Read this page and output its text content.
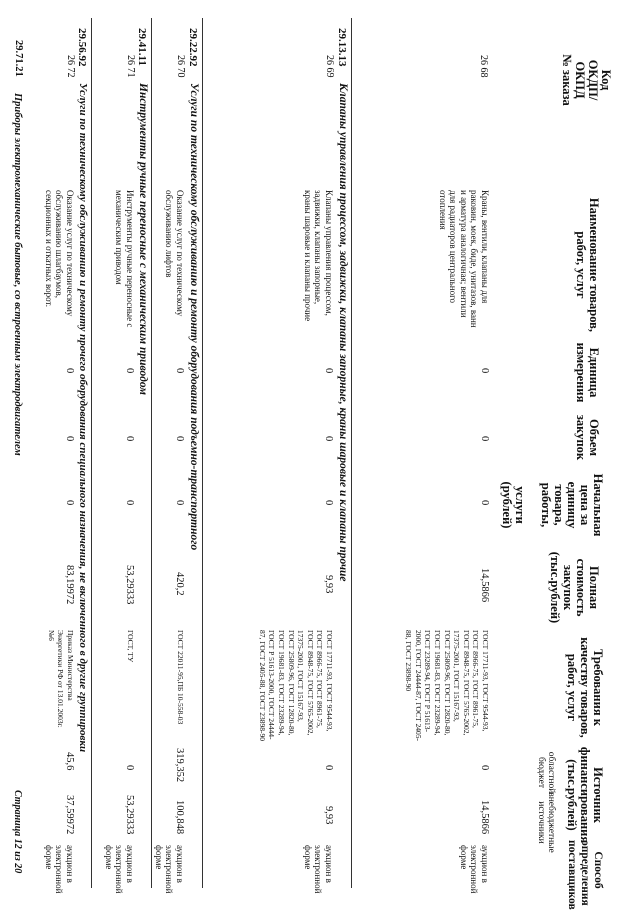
Код
ОКДП/
ОКПД
№ заказа
Наименование товаров,
работ, услуг
Единица
измерения
Объем
закупок
Начальная
цена за
единицу
товара,
работы,

услуги
(рублей)
Полная
стоимость
закупок
(тыс.рублей)
Требования к
качеству товаров,
работ, услуг
Источник
финансирования
(тыс.рублей)
областной
бюджет
внебюджетные
источники
Способ
определения
поставщиков
26 68
Краны, вентили, клапаны для раковин, моек, биде, унитазов, ванн и арматура аналогичная; вентили для радиаторов центрального отопления
0
0
0
14,5866
ГОСТ 17711-93, ГОСТ 9544-93, ГОСТ 8966-75, ГОСТ 8961-75, ГОСТ 8948-75, ГОСТ 5765-2002, 17375-2001, ГОСТ 15167-93, ГОСТ 25809-96, ГОСТ 12820-80, ГОСТ 19681-83, ГОСТ 23289-94, ГОСТ 23289-94, ГОСТ Р 51613-2000, ГОСТ 24444-87, ГОСТ 2405-88, ГОСТ 23898-90
0
14,5866
аукцион в электронной форме
29.13.13
Клапаны управления процессом, задвижки, клапаны запорные, краны шаровые и клапаны прочие
26 69
Клапаны управления процессом, задвижки, клапаны запорные, краны шаровые и клапаны прочие
0
0
0
9,93
ГОСТ 17711-93, ГОСТ 9544-93, ГОСТ 8966-75, ГОСТ 8961-75, ГОСТ 8948-75, ГОСТ 5765-2002, 17375-2001, ГОСТ 15167-93, ГОСТ 25809-96, ГОСТ 12820-80, ГОСТ 19681-83, ГОСТ 23289-94, ГОСТ Р 51613-2000, ГОСТ 24444-87, ГОСТ 2405-88, ГОСТ 23898-90
0
9,93
аукцион в электронной форме
29.22.92
Услуги по техническому обслуживанию и ремонту оборудования подъемно-транспортного
26 70
Оказание услуг по техническому обслуживанию лифтов
0
0
0
420,2
ГОСТ 22011-95,ПБ 10-558-03
319,352
100,848
аукцион в электронной форме
29.41.11
Инструменты ручные переносные с механическим приводом
26 71
Инструменты ручные переносные с механическим приводом
0
0
0
53,29333
ГОСТ, ТУ
0
53,29333
аукцион в электронной форме
29.56.92
Услуги по техническому обслуживанию и ремонту прочего оборудования специального назначения, не включенного в другие группировки
26 72
Оказание услуг по техническому обслуживанию шлагбаумов, секционных и откатных ворот.
0
0
0
83,19972
Приказ Министерства Энергетики РФ от 13.01.2003г. №6
45,6
37,59972
аукцион в электронной форме
29.71.21
Приборы электромеханические бытовые, со встроенным электродвигателем
Страница 12 из 20
